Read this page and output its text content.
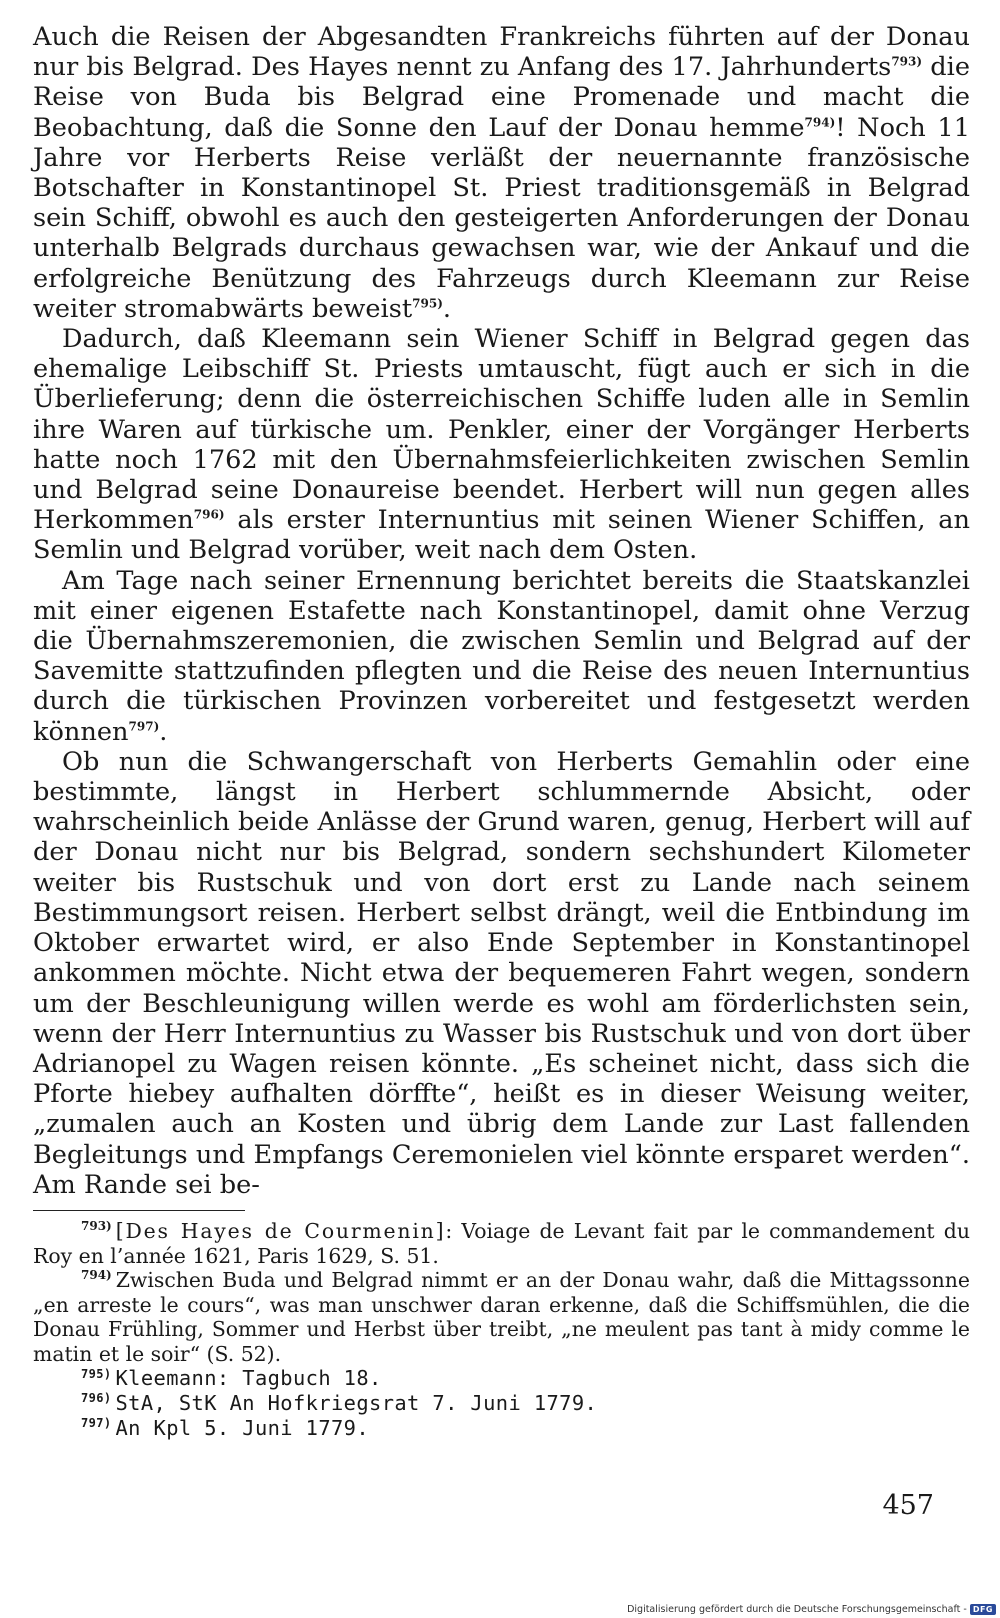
Auch die Reisen der Abgesandten Frankreichs führten auf der Donau nur bis Belgrad. Des Hayes nennt zu Anfang des 17. Jahrhunderts$^{793)}$ die Reise von Buda bis Belgrad eine Promenade und macht die Beobachtung, daß die Sonne den Lauf der Donau hemme$^{794)}$! Noch 11 Jahre vor Herberts Reise verläßt der neuernannte französische Botschafter in Konstantinopel St. Priest traditionsgemäß in Belgrad sein Schiff, obwohl es auch den gesteigerten Anforderungen der Donau unterhalb Belgrads durchaus gewachsen war, wie der Ankauf und die erfolgreiche Benützung des Fahrzeugs durch Kleemann zur Reise weiter stromabwärts beweist$^{795)}$.

Dadurch, daß Kleemann sein Wiener Schiff in Belgrad gegen das ehemalige Leibschiff St. Priests umtauscht, fügt auch er sich in die Überlieferung; denn die österreichischen Schiffe luden alle in Semlin ihre Waren auf türkische um. Penkler, einer der Vorgänger Herberts hatte noch 1762 mit den Übernahmsfeierlichkeiten zwischen Semlin und Belgrad seine Donaureise beendet. Herbert will nun gegen alles Herkommen$^{796)}$ als erster Internuntius mit seinen Wiener Schiffen, an Semlin und Belgrad vorüber, weit nach dem Osten.

Am Tage nach seiner Ernennung berichtet bereits die Staatskanzlei mit einer eigenen Estafette nach Konstantinopel, damit ohne Verzug die Übernahmszeremonien, die zwischen Semlin und Belgrad auf der Savemitte stattzufinden pflegten und die Reise des neuen Internuntius durch die türkischen Provinzen vorbereitet und festgesetzt werden können$^{797)}$.

Ob nun die Schwangerschaft von Herberts Gemahlin oder eine bestimmte, längst in Herbert schlummernde Absicht, oder wahrscheinlich beide Anlässe der Grund waren, genug, Herbert will auf der Donau nicht nur bis Belgrad, sondern sechshundert Kilometer weiter bis Rustschuk und von dort erst zu Lande nach seinem Bestimmungsort reisen. Herbert selbst drängt, weil die Entbindung im Oktober erwartet wird, er also Ende September in Konstantinopel ankommen möchte. Nicht etwa der bequemeren Fahrt wegen, sondern um der Beschleunigung willen werde es wohl am förderlichsten sein, wenn der Herr Internuntius zu Wasser bis Rustschuk und von dort über Adrianopel zu Wagen reisen könnte. „Es scheinet nicht, dass sich die Pforte hiebey aufhalten dörffte“, heißt es in dieser Weisung weiter, „zumalen auch an Kosten und übrig dem Lande zur Last fallenden Begleitungs und Empfangs Ceremonielen viel könnte ersparet werden“. Am Rande sei be-

$^{793)}$ [Des Hayes de Courmenin]: Voiage de Levant fait par le commandement du Roy en l’année 1621, Paris 1629, S. 51.

$^{794)}$ Zwischen Buda und Belgrad nimmt er an der Donau wahr, daß die Mittagssonne „en arreste le cours“, was man unschwer daran erkenne, daß die Schiffsmühlen, die die Donau Frühling, Sommer und Herbst über treibt, „ne meulent pas tant à midy comme le matin et le soir“ (S. 52).

$^{795)}$ Kleemann: Tagbuch 18.

$^{796)}$ StA, StK An Hofkriegsrat 7. Juni 1779.

$^{797)}$ An Kpl 5. Juni 1779.

457
Digitalisierung gefördert durch die Deutsche Forschungsgemeinschaft - DFG
